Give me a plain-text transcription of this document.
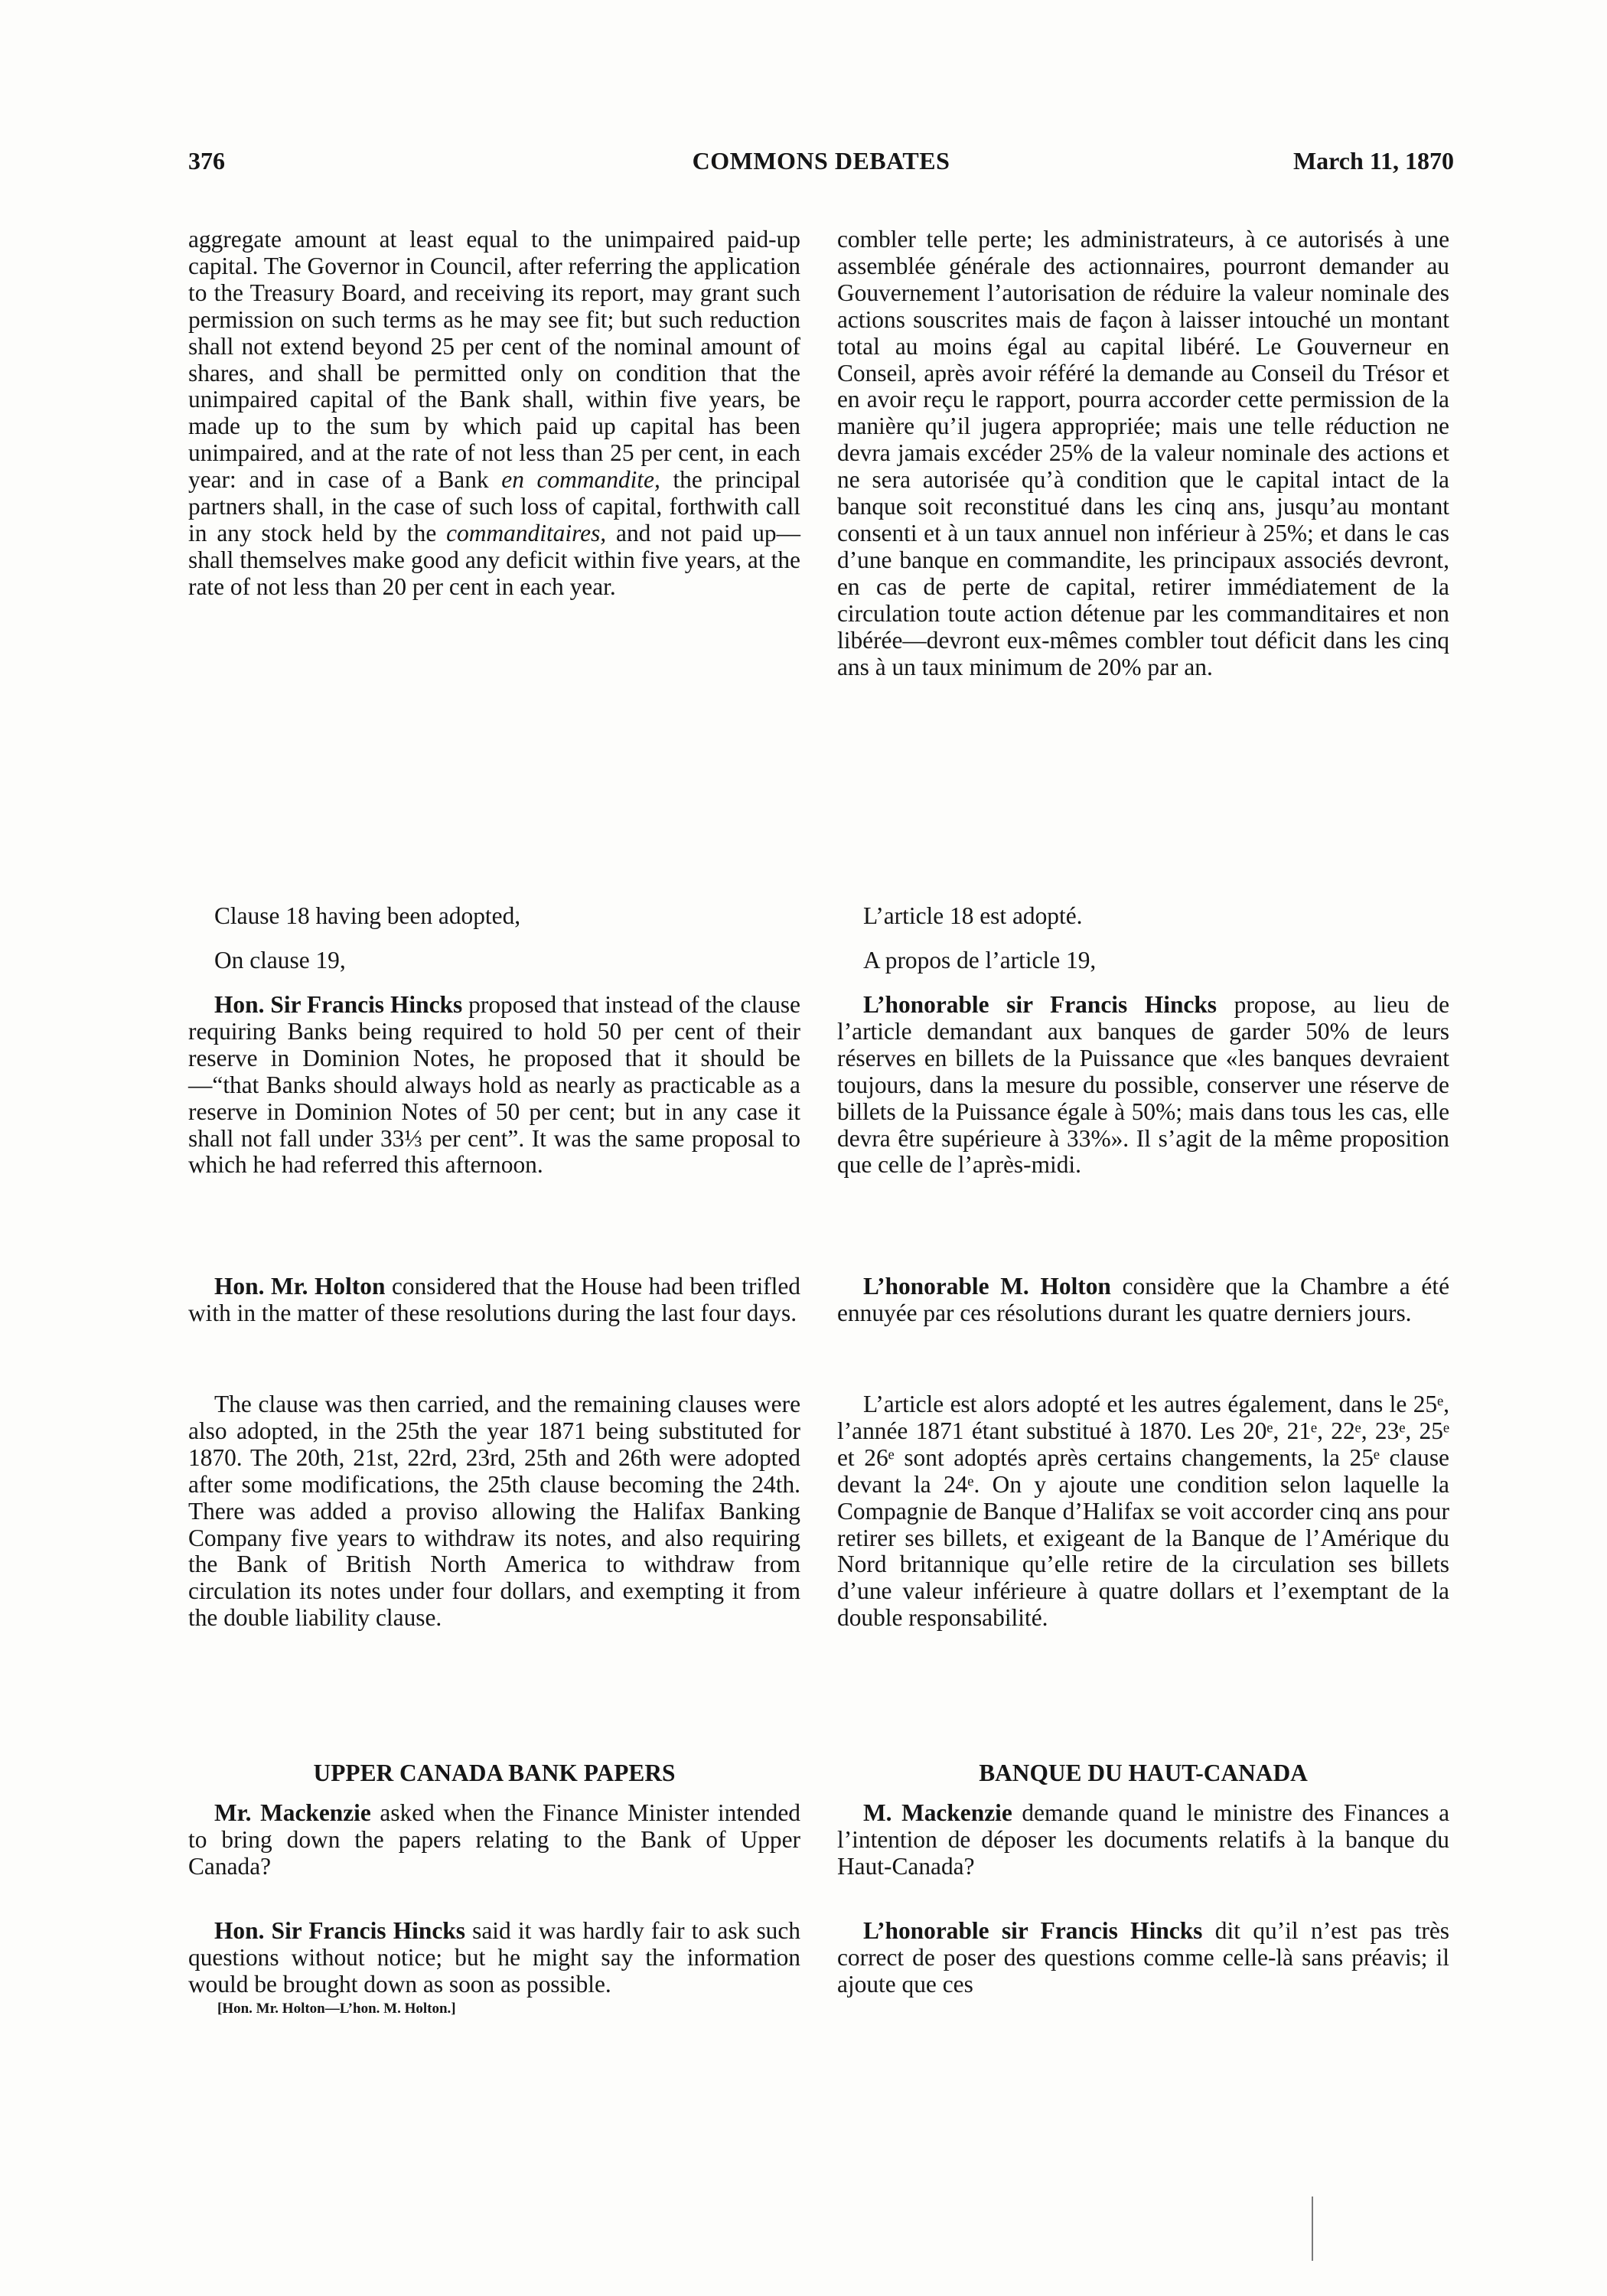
376	COMMONS DEBATES	March 11, 1870

aggregate amount at least equal to the unimpaired paid-up capital. The Governor in Council, after referring the application to the Treasury Board, and receiving its report, may grant such permission on such terms as he may see fit; but such reduction shall not extend beyond 25 per cent of the nominal amount of shares, and shall be permitted only on condition that the unimpaired capital of the Bank shall, within five years, be made up to the sum by which paid up capital has been unimpaired, and at the rate of not less than 25 per cent, in each year: and in case of a Bank en commandite, the principal partners shall, in the case of such loss of capital, forthwith call in any stock held by the commanditaires, and not paid up—shall themselves make good any deficit within five years, at the rate of not less than 20 per cent in each year.

Clause 18 having been adopted,

On clause 19,

Hon. Sir Francis Hincks proposed that instead of the clause requiring Banks being required to hold 50 per cent of their reserve in Dominion Notes, he proposed that it should be—“that Banks should always hold as nearly as practicable as a reserve in Dominion Notes of 50 per cent; but in any case it shall not fall under 33⅓ per cent”. It was the same proposal to which he had referred this afternoon.

Hon. Mr. Holton considered that the House had been trifled with in the matter of these resolutions during the last four days.

The clause was then carried, and the remaining clauses were also adopted, in the 25th the year 1871 being substituted for 1870. The 20th, 21st, 22rd, 23rd, 25th and 26th were adopted after some modifications, the 25th clause becoming the 24th. There was added a proviso allowing the Halifax Banking Company five years to withdraw its notes, and also requiring the Bank of British North America to withdraw from circulation its notes under four dollars, and exempting it from the double liability clause.

UPPER CANADA BANK PAPERS

Mr. Mackenzie asked when the Finance Minister intended to bring down the papers relating to the Bank of Upper Canada?

Hon. Sir Francis Hincks said it was hardly fair to ask such questions without notice; but he might say the information would be brought down as soon as possible.

combler telle perte; les administrateurs, à ce autorisés à une assemblée générale des actionnaires, pourront demander au Gouvernement l’autorisation de réduire la valeur nominale des actions souscrites mais de façon à laisser intouché un montant total au moins égal au capital libéré. Le Gouverneur en Conseil, après avoir référé la demande au Conseil du Trésor et en avoir reçu le rapport, pourra accorder cette permission de la manière qu’il jugera appropriée; mais une telle réduction ne devra jamais excéder 25% de la valeur nominale des actions et ne sera autorisée qu’à condition que le capital intact de la banque soit reconstitué dans les cinq ans, jusqu’au montant consenti et à un taux annuel non inférieur à 25%; et dans le cas d’une banque en commandite, les principaux associés devront, en cas de perte de capital, retirer immédiatement de la circulation toute action détenue par les commanditaires et non libérée—devront eux-mêmes combler tout déficit dans les cinq ans à un taux minimum de 20% par an.

L’article 18 est adopté.

A propos de l’article 19,

L’honorable sir Francis Hincks propose, au lieu de l’article demandant aux banques de garder 50% de leurs réserves en billets de la Puissance que «les banques devraient toujours, dans la mesure du possible, conserver une réserve de billets de la Puissance égale à 50%; mais dans tous les cas, elle devra être supérieure à 33%». Il s’agit de la même proposition que celle de l’après-midi.

L’honorable M. Holton considère que la Chambre a été ennuyée par ces résolutions durant les quatre derniers jours.

L’article est alors adopté et les autres également, dans le 25ᵉ, l’année 1871 étant substitué à 1870. Les 20ᵉ, 21ᵉ, 22ᵉ, 23ᵉ, 25ᵉ et 26ᵉ sont adoptés après certains changements, la 25ᵉ clause devant la 24ᵉ. On y ajoute une condition selon laquelle la Compagnie de Banque d’Halifax se voit accorder cinq ans pour retirer ses billets, et exigeant de la Banque de l’Amérique du Nord britannique qu’elle retire de la circulation ses billets d’une valeur inférieure à quatre dollars et l’exemptant de la double responsabilité.

BANQUE DU HAUT-CANADA

M. Mackenzie demande quand le ministre des Finances a l’intention de déposer les documents relatifs à la banque du Haut-Canada?

L’honorable sir Francis Hincks dit qu’il n’est pas très correct de poser des questions comme celle-là sans préavis; il ajoute que ces

[Hon. Mr. Holton—L’hon. M. Holton.]
